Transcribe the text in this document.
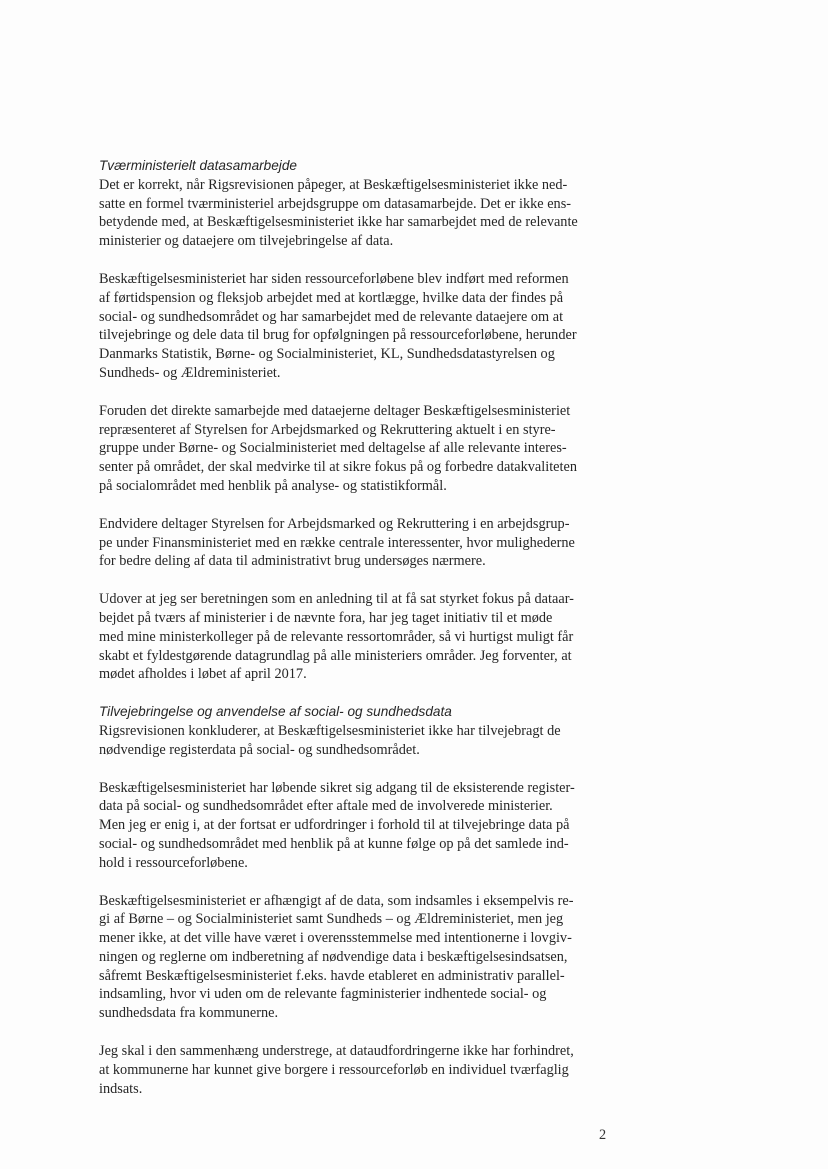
Tværministerielt datasamarbejde

Det er korrekt, når Rigsrevisionen påpeger, at Beskæftigelsesministeriet ikke ned-
satte en formel tværministeriel arbejdsgruppe om datasamarbejde. Det er ikke ens-
betydende med, at Beskæftigelsesministeriet ikke har samarbejdet med de relevante
ministerier og dataejere om tilvejebringelse af data.

Beskæftigelsesministeriet har siden ressourceforløbene blev indført med reformen
af førtidspension og fleksjob arbejdet med at kortlægge, hvilke data der findes på
social- og sundhedsområdet og har samarbejdet med de relevante dataejere om at
tilvejebringe og dele data til brug for opfølgningen på ressourceforløbene, herunder
Danmarks Statistik, Børne- og Socialministeriet, KL, Sundhedsdatastyrelsen og
Sundheds- og Ældreministeriet.

Foruden det direkte samarbejde med dataejerne deltager Beskæftigelsesministeriet
repræsenteret af Styrelsen for Arbejdsmarked og Rekruttering aktuelt i en styre-
gruppe under Børne- og Socialministeriet med deltagelse af alle relevante interes-
senter på området, der skal medvirke til at sikre fokus på og forbedre datakvaliteten
på socialområdet med henblik på analyse- og statistikformål.

Endvidere deltager Styrelsen for Arbejdsmarked og Rekruttering i en arbejdsgrup-
pe under Finansministeriet med en række centrale interessenter, hvor mulighederne
for bedre deling af data til administrativt brug undersøges nærmere.

Udover at jeg ser beretningen som en anledning til at få sat styrket fokus på dataar-
bejdet på tværs af ministerier i de nævnte fora, har jeg taget initiativ til et møde
med mine ministerkolleger på de relevante ressortområder, så vi hurtigst muligt får
skabt et fyldestgørende datagrundlag på alle ministeriers områder. Jeg forventer, at
mødet afholdes i løbet af april 2017.

Tilvejebringelse og anvendelse af social- og sundhedsdata

Rigsrevisionen konkluderer, at Beskæftigelsesministeriet ikke har tilvejebragt de
nødvendige registerdata på social- og sundhedsområdet.

Beskæftigelsesministeriet har løbende sikret sig adgang til de eksisterende register-
data på social- og sundhedsområdet efter aftale med de involverede ministerier.
Men jeg er enig i, at der fortsat er udfordringer i forhold til at tilvejebringe data på
social- og sundhedsområdet med henblik på at kunne følge op på det samlede ind-
hold i ressourceforløbene.

Beskæftigelsesministeriet er afhængigt af de data, som indsamles i eksempelvis re-
gi af Børne – og Socialministeriet samt Sundheds – og Ældreministeriet, men jeg
mener ikke, at det ville have været i overensstemmelse med intentionerne i lovgiv-
ningen og reglerne om indberetning af nødvendige data i beskæftigelsesindsatsen,
såfremt Beskæftigelsesministeriet f.eks. havde etableret en administrativ parallel-
indsamling, hvor vi uden om de relevante fagministerier indhentede social- og
sundhedsdata fra kommunerne.

Jeg skal i den sammenhæng understrege, at dataudfordringerne ikke har forhindret,
at kommunerne har kunnet give borgere i ressourceforløb en individuel tværfaglig
indsats.

2
